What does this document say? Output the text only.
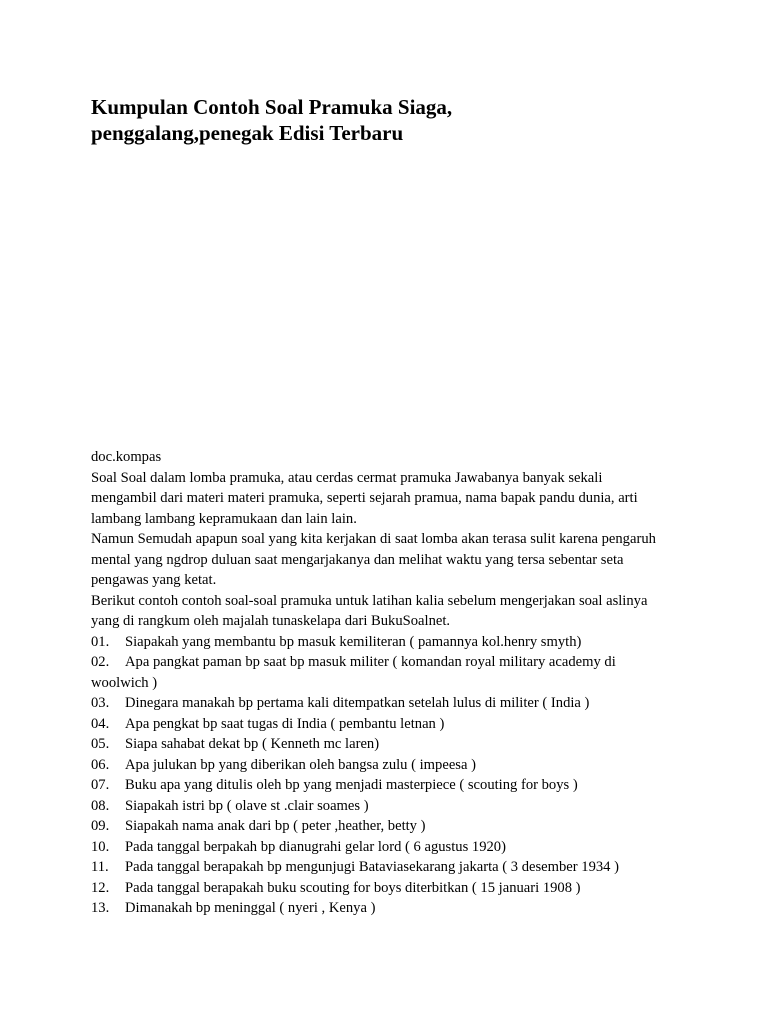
Kumpulan Contoh Soal Pramuka Siaga,
penggalang,penegak Edisi Terbaru
doc.kompas
Soal Soal dalam lomba pramuka, atau cerdas cermat pramuka Jawabanya banyak sekali
mengambil dari materi materi pramuka, seperti sejarah pramua, nama bapak pandu dunia, arti
lambang lambang kepramukaan dan lain lain.
Namun Semudah apapun soal yang kita kerjakan di saat lomba akan terasa sulit karena pengaruh
mental yang ngdrop duluan saat mengarjakanya dan melihat waktu yang tersa sebentar seta
pengawas yang ketat.
Berikut contoh contoh soal-soal pramuka untuk latihan kalia sebelum mengerjakan soal aslinya
yang di rangkum oleh majalah tunaskelapa dari BukuSoalnet.
01. Siapakah yang membantu bp masuk kemiliteran ( pamannya kol.henry smyth)
02. Apa pangkat paman bp saat bp masuk militer ( komandan royal military academy di
woolwich )
03. Dinegara manakah bp pertama kali ditempatkan setelah lulus di militer ( India )
04. Apa pengkat bp saat tugas di India ( pembantu letnan )
05. Siapa sahabat dekat bp ( Kenneth mc laren)
06. Apa julukan bp yang diberikan oleh bangsa zulu ( impeesa )
07. Buku apa yang ditulis oleh bp yang menjadi masterpiece ( scouting for boys )
08. Siapakah istri bp ( olave st .clair soames )
09. Siapakah nama anak dari bp ( peter ,heather, betty )
10. Pada tanggal berpakah bp dianugrahi gelar lord ( 6 agustus 1920)
11. Pada tanggal berapakah bp mengunjugi Bataviasekarang jakarta ( 3 desember 1934 )
12. Pada tanggal berapakah buku scouting for boys diterbitkan ( 15 januari 1908 )
13. Dimanakah bp meninggal ( nyeri , Kenya )
